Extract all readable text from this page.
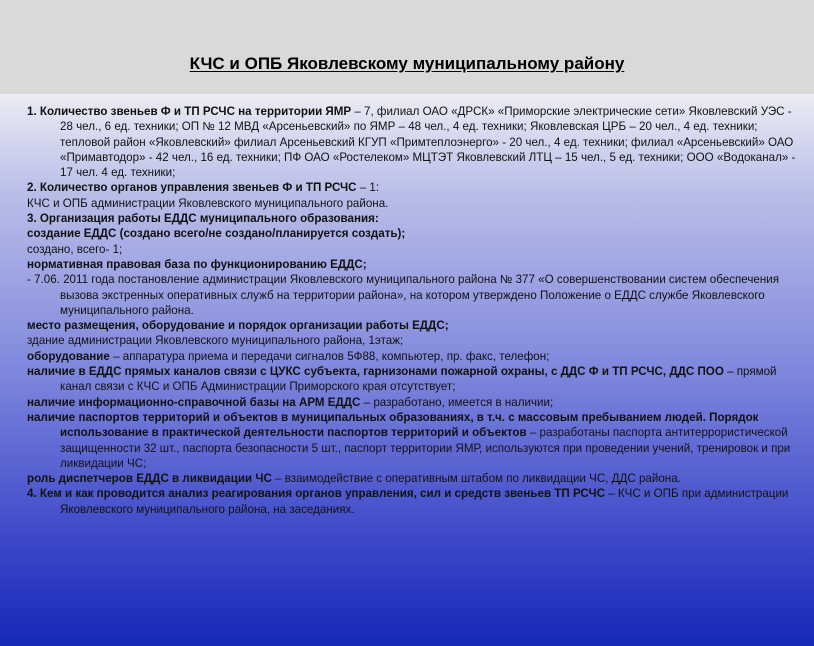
КЧС и ОПБ Яковлевскому муниципальному району

1. Количество звеньев Ф и ТП РСЧС на территории ЯМР – 7, филиал ОАО «ДРСК» «Приморские электрические сети» Яковлевский УЭС - 28 чел., 6 ед. техники; ОП № 12 МВД «Арсеньевский» по ЯМР – 48 чел., 4 ед. техники; Яковлевская ЦРБ – 20 чел., 4 ед. техники; тепловой район «Яковлевский» филиал Арсеньевский КГУП «Примтеплоэнерго» - 20 чел., 4 ед. техники; филиал «Арсеньевский» ОАО «Примавтодор» - 42 чел., 16 ед. техники; ПФ ОАО «Ростелеком» МЦТЭТ Яковлевский ЛТЦ – 15 чел., 5 ед. техники; ООО «Водоканал» - 17 чел. 4 ед. техники;

2. Количество органов управления звеньев Ф и ТП РСЧС – 1:

КЧС и ОПБ администрации Яковлевского муниципального района.

3. Организация работы ЕДДС муниципального образования:

создание ЕДДС (создано всего/не создано/планируется создать);

создано, всего- 1;

нормативная правовая база по функционированию ЕДДС;

- 7.06. 2011 года постановление администрации Яковлевского муниципального района № 377 «О совершенствовании систем обеспечения вызова экстренных оперативных служб на территории района», на котором утверждено Положение о ЕДДС службе Яковлевского муниципального района.

место размещения, оборудование и порядок организации работы ЕДДС;

здание администрации Яковлевского муниципального района, 1этаж;

оборудование – аппаратура приема и передачи сигналов 5Ф88, компьютер, пр. факс, телефон;

наличие в ЕДДС прямых каналов связи с ЦУКС субъекта, гарнизонами пожарной охраны, с ДДС Ф и ТП РСЧС, ДДС ПОО – прямой канал связи с КЧС и ОПБ Администрации Приморского края отсутствует;

наличие информационно-справочной базы на АРМ ЕДДС – разработано, имеется в наличии;

наличие паспортов территорий и объектов в муниципальных образованиях, в т.ч. с массовым пребыванием людей. Порядок использование в практической деятельности паспортов территорий и объектов – разработаны паспорта антитеррористической защищенности 32 шт., паспорта безопасности 5 шт., паспорт территории ЯМР, используются при проведении учений, тренировок и при ликвидации ЧС;

роль диспетчеров ЕДДС в ликвидации ЧС – взаимодействие с оперативным штабом по ликвидации ЧС, ДДС района.

4. Кем и как проводится анализ реагирования органов управления, сил и средств звеньев ТП РСЧС – КЧС и ОПБ при администрации Яковлевского муниципального района, на заседаниях.
